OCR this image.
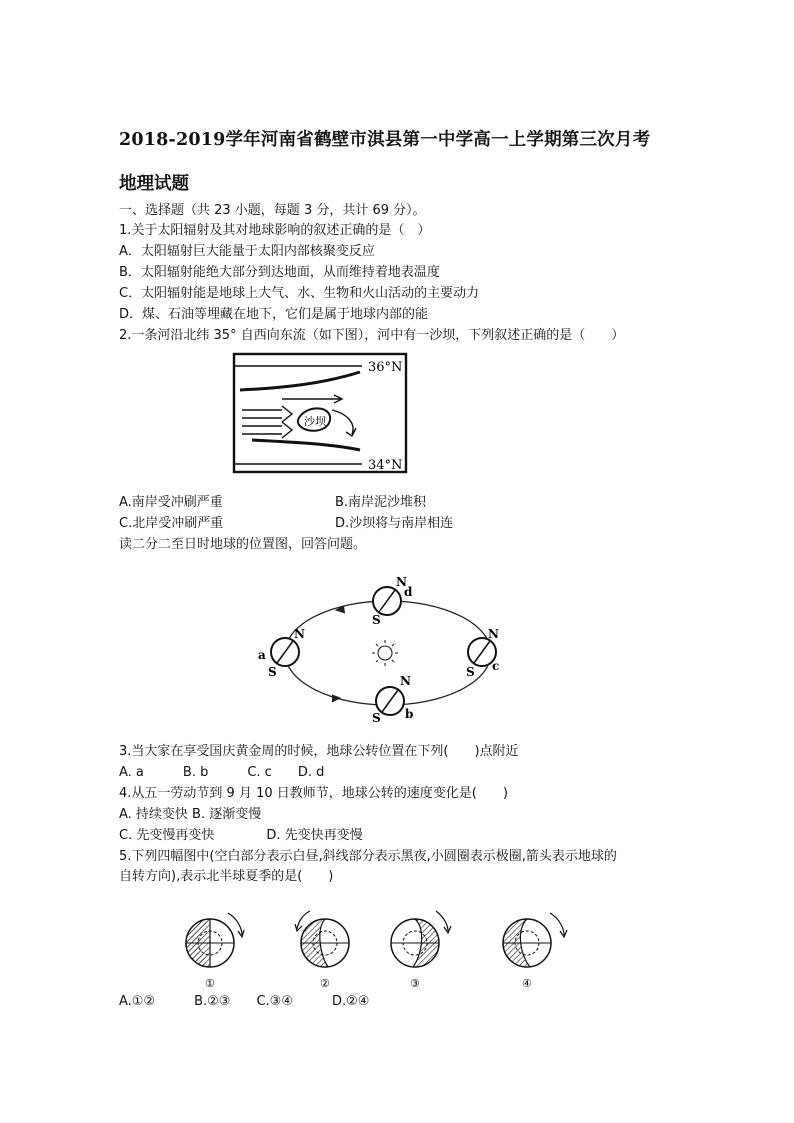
2018-2019学年河南省鹤壁市淇县第一中学高一上学期第三次月考
地理试题
一、选择题（共 23 小题，每题 3 分，共计 69 分）。
1.关于太阳辐射及其对地球影响的叙述正确的是（　）
A．太阳辐射巨大能量于太阳内部核聚变反应
B．太阳辐射能绝大部分到达地面，从而维持着地表温度
C．太阳辐射能是地球上大气、水、生物和火山活动的主要动力
D．煤、石油等埋藏在地下，它们是属于地球内部的能
2.一条河沿北纬 35° 自西向东流（如下图），河中有一沙坝，下列叙述正确的是（　　）
36°N
34°N
沙坝
A.南岸受冲刷严重	B.南岸泥沙堆积
C.北岸受冲刷严重	D.沙坝将与南岸相连
读二分二至日时地球的位置图，回答问题。
N
S
d
N
S
a
N
S c
N
S b
3.当大家在享受国庆黄金周的时候，地球公转位置在下列(　　)点附近
A. a　　　B. b　　　C. c　　D. d
4.从五一劳动节到 9 月 10 日教师节，地球公转的速度变化是(　　)
A. 持续变快 B. 逐渐变慢
C. 先变慢再变快　　　　D. 先变快再变慢
5.下列四幅图中(空白部分表示白昼,斜线部分表示黑夜,小圆圈表示极圈,箭头表示地球的
自转方向),表示北半球夏季的是(　　)
①	②	③	④
A.①②　　　B.②③　　C.③④　　　D.②④
